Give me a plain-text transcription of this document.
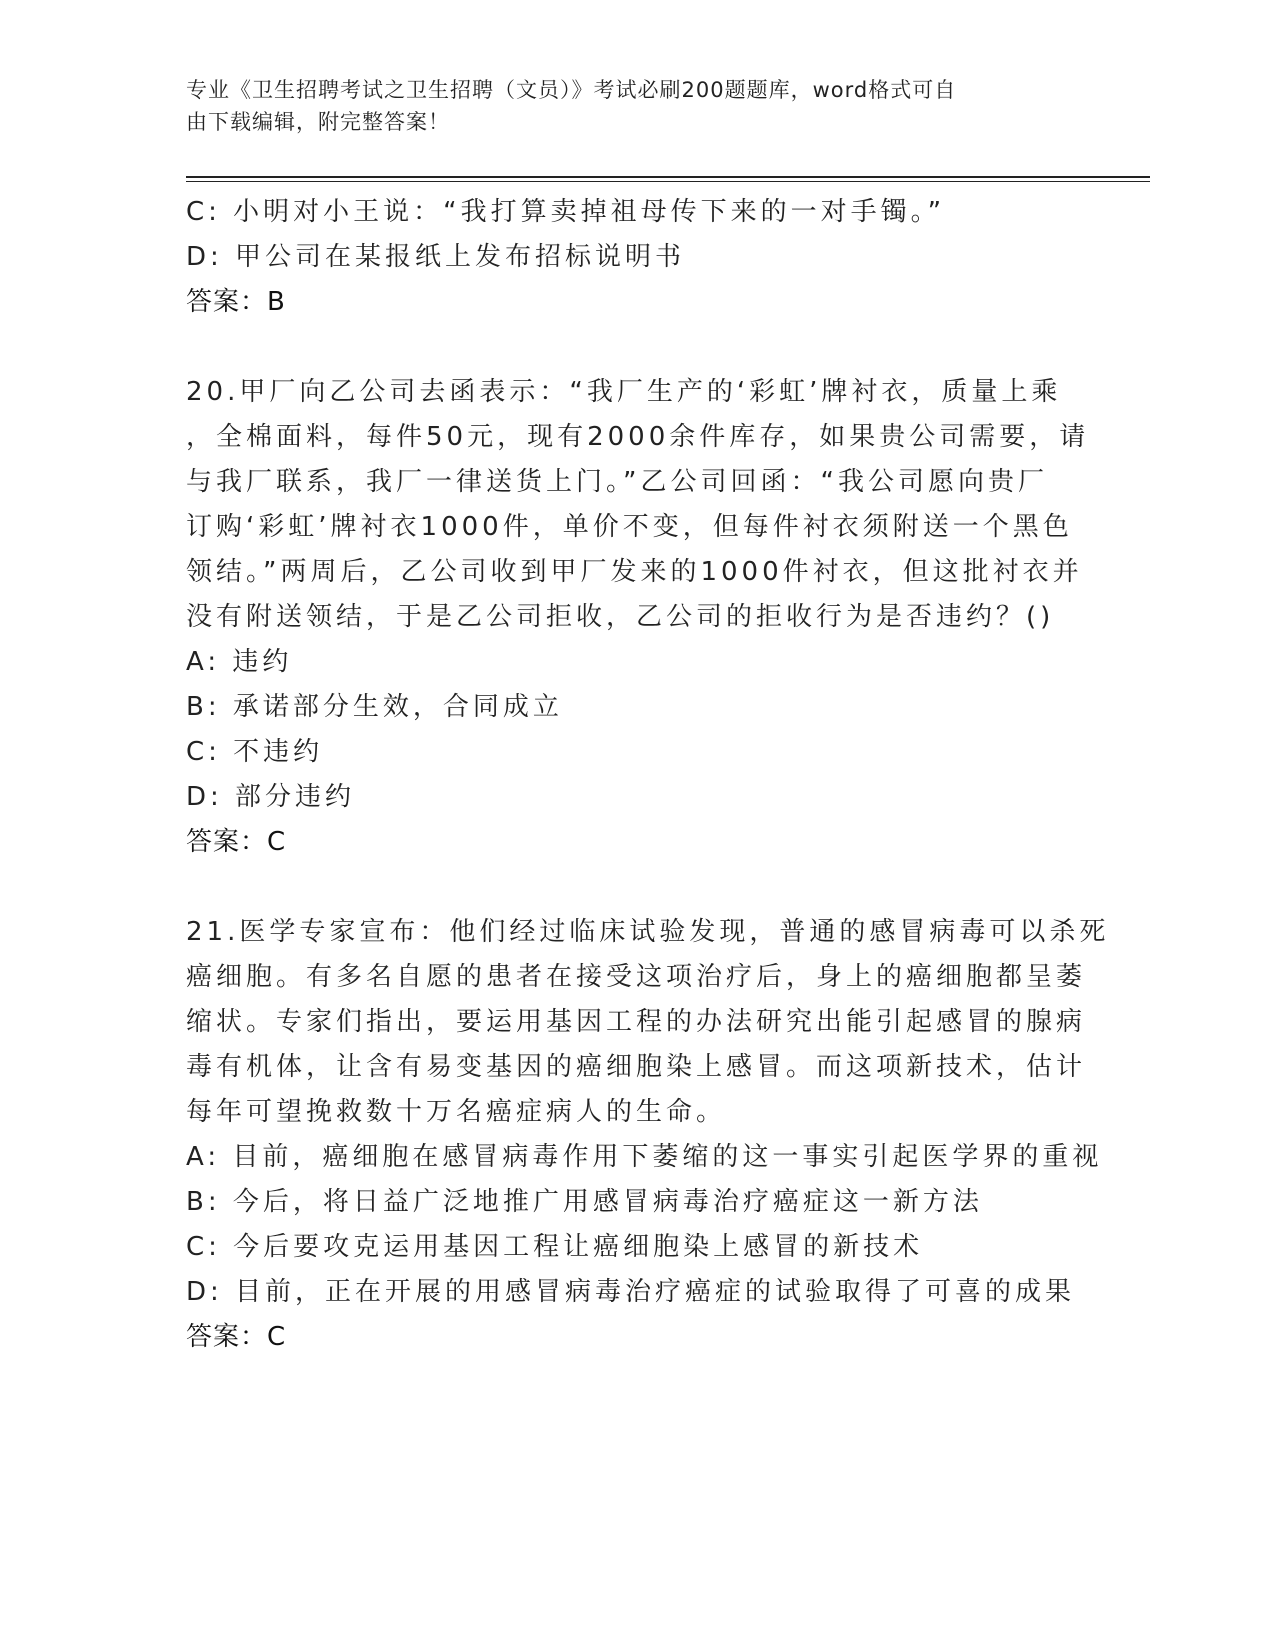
专业《卫生招聘考试之卫生招聘（文员）》考试必刷200题题库，word格式可自
由下载编辑，附完整答案！
C: 小明对小王说：“我打算卖掉祖母传下来的一对手镯。”
D: 甲公司在某报纸上发布招标说明书
答案：B
20.甲厂向乙公司去函表示：“我厂生产的‘彩虹’牌衬衣，质量上乘
，全棉面料，每件50元，现有2000余件库存，如果贵公司需要，请
与我厂联系，我厂一律送货上门。”乙公司回函：“我公司愿向贵厂
订购‘彩虹’牌衬衣1000件，单价不变，但每件衬衣须附送一个黑色
领结。”两周后，乙公司收到甲厂发来的1000件衬衣，但这批衬衣并
没有附送领结，于是乙公司拒收，乙公司的拒收行为是否违约？()
A: 违约
B: 承诺部分生效，合同成立
C: 不违约
D: 部分违约
答案：C
21.医学专家宣布：他们经过临床试验发现，普通的感冒病毒可以杀死
癌细胞。有多名自愿的患者在接受这项治疗后，身上的癌细胞都呈萎
缩状。专家们指出，要运用基因工程的办法研究出能引起感冒的腺病
毒有机体，让含有易变基因的癌细胞染上感冒。而这项新技术，估计
每年可望挽救数十万名癌症病人的生命。
A: 目前，癌细胞在感冒病毒作用下萎缩的这一事实引起医学界的重视
B: 今后，将日益广泛地推广用感冒病毒治疗癌症这一新方法
C: 今后要攻克运用基因工程让癌细胞染上感冒的新技术
D: 目前，正在开展的用感冒病毒治疗癌症的试验取得了可喜的成果
答案：C
